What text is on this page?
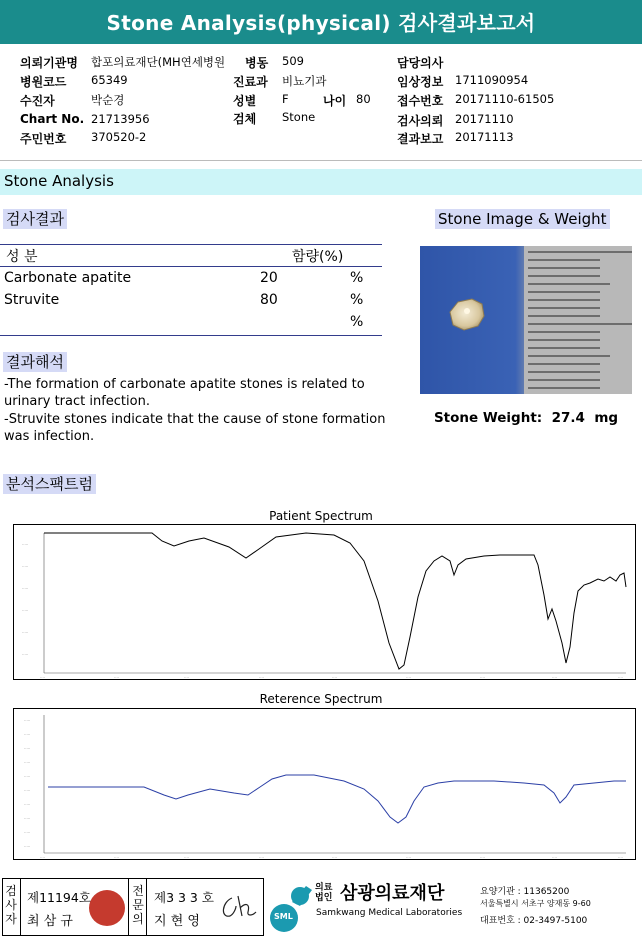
Stone Analysis(physical) 검사결과보고서
의뢰기관명 합포의료재단(MH연세병원 병동 509	담당의사
병원코드 65349	진료과 비뇨기과	임상정보 1711090954
수진자	박순경	성별 F	나이 80 접수번호 20171110-61505
Chart No. 21713956	검체 Stone	검사의뢰 20171110
주민번호 370520-2	결과보고 20171113
Stone Analysis
검사결과	Stone Image & Weight
성 분	함량(%)
Carbonate apatite	20	%
Struvite	80	%
%
결과해석

-The formation of carbonate apatite stones is related to urinary tract infection.

-Struvite stones indicate that the cause of stone formation was infection.

Stone Weight: 27.4 mg
분석스팩트럼
Patient Spectrum
.....
.....
.....
.....
.....
.....
....	....	....	....	....	....	....	....	....
Reterence Spectrum
.....
.....
.....
.....
.....
.....
.....
.....
.....
.....
....	....	....	....	....	....	....	....	....
검사자
제11194호
최 삼 규
전문의
제3 3 3 호
지 현 영	SML
의료법인 삼광의료재단
Samkwang Medical Laboratories
요양기관 : 11365200
서울특별시 서초구 양재동 9-60
대표번호 : 02-3497-5100
